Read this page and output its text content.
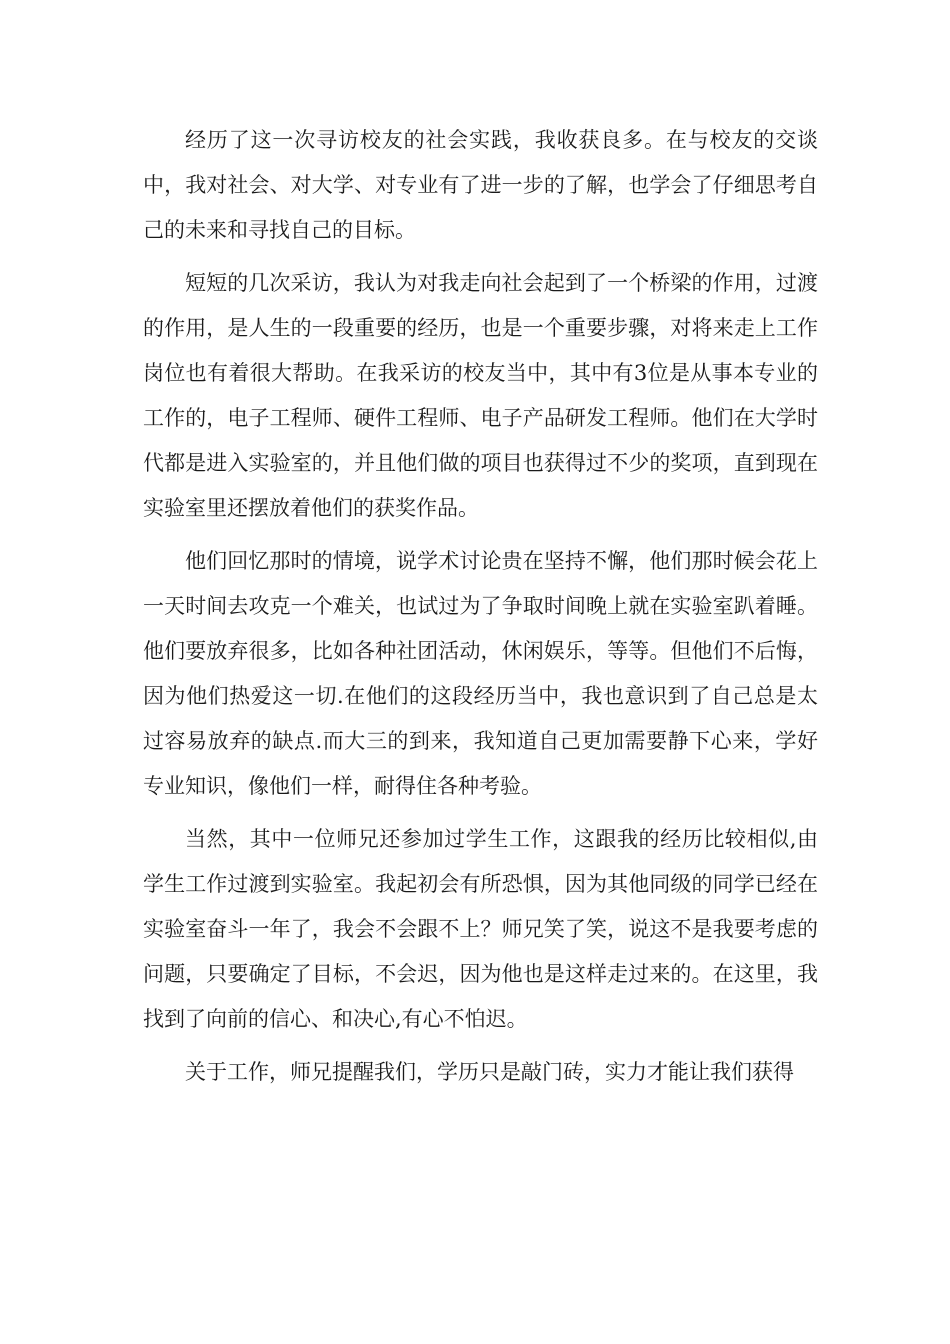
经历了这一次寻访校友的社会实践，我收获良多。在与校友的交谈中，我对社会、对大学、对专业有了进一步的了解，也学会了仔细思考自己的未来和寻找自己的目标。

短短的几次采访，我认为对我走向社会起到了一个桥梁的作用，过渡的作用，是人生的一段重要的经历，也是一个重要步骤，对将来走上工作岗位也有着很大帮助。在我采访的校友当中，其中有3位是从事本专业的工作的，电子工程师、硬件工程师、电子产品研发工程师。他们在大学时代都是进入实验室的，并且他们做的项目也获得过不少的奖项，直到现在实验室里还摆放着他们的获奖作品。

他们回忆那时的情境，说学术讨论贵在坚持不懈，他们那时候会花上一天时间去攻克一个难关，也试过为了争取时间晚上就在实验室趴着睡。他们要放弃很多，比如各种社团活动，休闲娱乐，等等。但他们不后悔，因为他们热爱这一切.在他们的这段经历当中，我也意识到了自己总是太过容易放弃的缺点.而大三的到来，我知道自己更加需要静下心来，学好专业知识，像他们一样，耐得住各种考验。

当然，其中一位师兄还参加过学生工作，这跟我的经历比较相似,由学生工作过渡到实验室。我起初会有所恐惧，因为其他同级的同学已经在实验室奋斗一年了，我会不会跟不上？师兄笑了笑，说这不是我要考虑的问题，只要确定了目标，不会迟，因为他也是这样走过来的。在这里，我找到了向前的信心、和决心,有心不怕迟。

关于工作，师兄提醒我们，学历只是敲门砖，实力才能让我们获得
